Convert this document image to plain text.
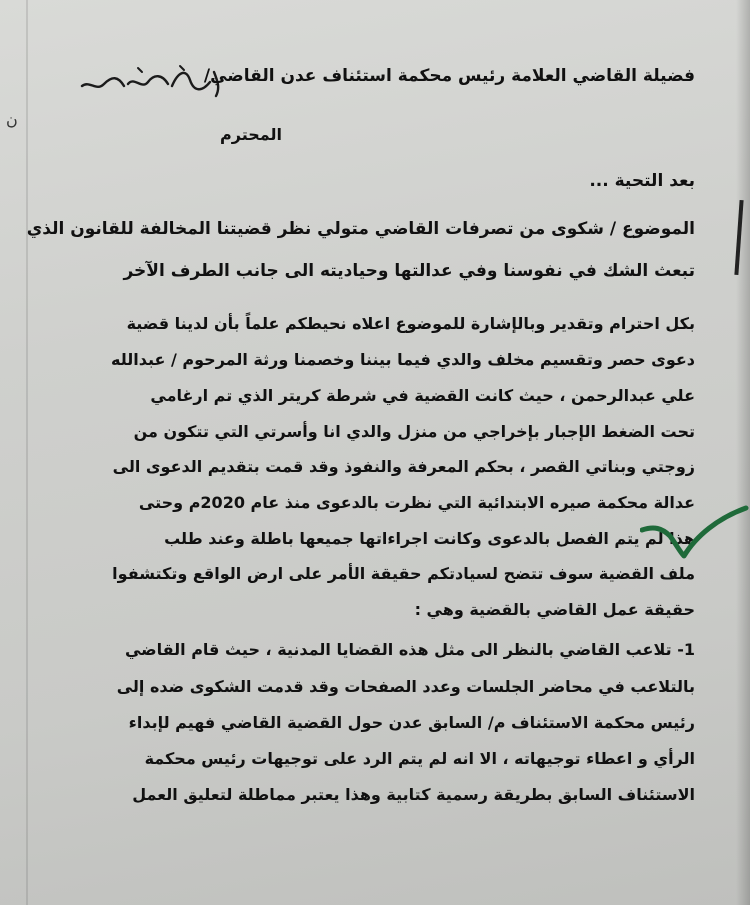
ن

فضيلة القاضي العلامة رئيس محكمة استئناف عدن القاضي/

المحترم

بعد التحية ...

الموضوع / شكوى من تصرفات القاضي متولي نظر قضيتنا المخالفة للقانون الذي

تبعث الشك في نفوسنا وفي عدالتها وحياديته الى جانب الطرف الآخر

بكل احترام وتقدير وبالإشارة للموضوع اعلاه نحيطكم علماً بأن لدينا قضية

دعوى حصر وتقسيم مخلف والدي فيما بيننا وخصمنا ورثة المرحوم / عبدالله

علي عبدالرحمن ، حيث كانت القضية في شرطة كريتر الذي تم ارغامي

تحت الضغط الإجبار بإخراجي من منزل والدي انا وأسرتي التي تتكون من

زوجتي وبناتي القصر ، بحكم المعرفة والنفوذ وقد قمت بتقديم الدعوى الى

عدالة محكمة صيره الابتدائية التي نظرت بالدعوى منذ عام 2020م وحتى

هذا لم يتم الفصل بالدعوى وكانت اجراءاتها جميعها باطلة وعند طلب

ملف القضية سوف تتضح لسيادتكم حقيقة الأمر على ارض الواقع وتكتشفوا

حقيقة عمل القاضي بالقضية وهي :

1- تلاعب القاضي بالنظر الى مثل هذه القضايا المدنية ، حيث قام القاضي

بالتلاعب في محاضر الجلسات وعدد الصفحات وقد قدمت الشكوى ضده إلى

رئيس محكمة الاستئناف م/ السابق عدن حول القضية القاضي فهيم لإبداء

الرأي و اعطاء توجيهاته ، الا انه لم يتم الرد على توجيهات رئيس محكمة

الاستئناف السابق بطريقة رسمية كتابية وهذا يعتبر مماطلة لتعليق العمل
